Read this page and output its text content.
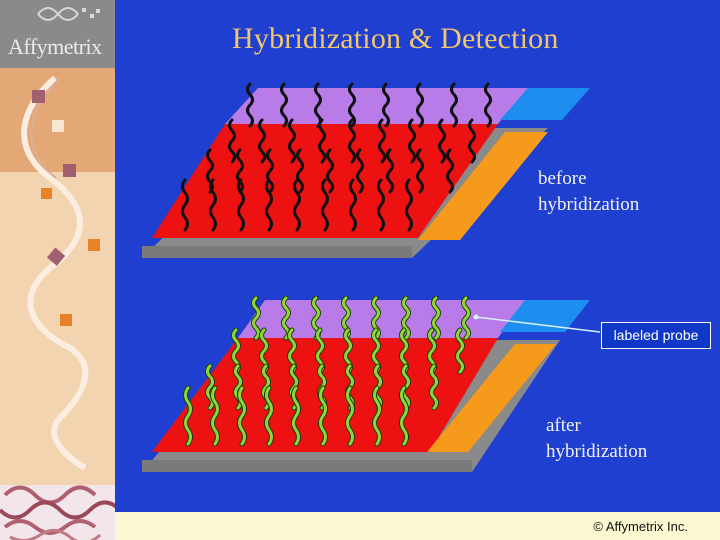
Affymetrix	Hybridization & Detection
before
hybridization
after
hybridization
labeled probe
© Affymetrix Inc.
